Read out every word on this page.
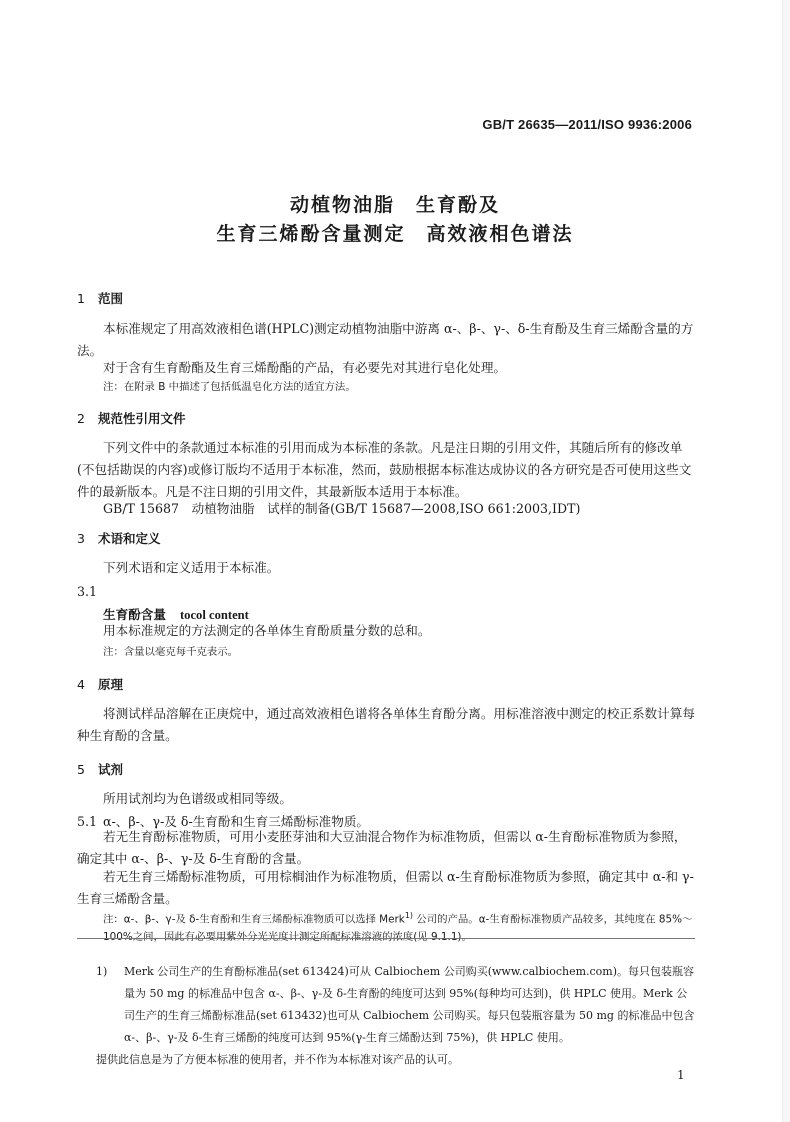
GB/T 26635—2011/ISO 9936:2006
动植物油脂　生育酚及
生育三烯酚含量测定　高效液相色谱法
1 范围
本标准规定了用高效液相色谱(HPLC)测定动植物油脂中游离 α-、β-、γ-、δ-生育酚及生育三烯酚含量的方法。
对于含有生育酚酯及生育三烯酚酯的产品，有必要先对其进行皂化处理。
注：在附录 B 中描述了包括低温皂化方法的适宜方法。
2 规范性引用文件
下列文件中的条款通过本标准的引用而成为本标准的条款。凡是注日期的引用文件，其随后所有的修改单(不包括勘误的内容)或修订版均不适用于本标准，然而，鼓励根据本标准达成协议的各方研究是否可使用这些文件的最新版本。凡是不注日期的引用文件，其最新版本适用于本标准。
GB/T 15687　动植物油脂　试样的制备(GB/T 15687—2008,ISO 661:2003,IDT)
3 术语和定义
下列术语和定义适用于本标准。
3.1
生育酚含量 tocol content
用本标准规定的方法测定的各单体生育酚质量分数的总和。
注：含量以毫克每千克表示。
4 原理
将测试样品溶解在正庚烷中，通过高效液相色谱将各单体生育酚分离。用标准溶液中测定的校正系数计算每种生育酚的含量。
5 试剂
所用试剂均为色谱级或相同等级。
5.1 α-、β-、γ-及 δ-生育酚和生育三烯酚标准物质。
若无生育酚标准物质，可用小麦胚芽油和大豆油混合物作为标准物质，但需以 α-生育酚标准物质为参照，确定其中 α-、β-、γ-及 δ-生育酚的含量。
若无生育三烯酚标准物质，可用棕榈油作为标准物质，但需以 α-生育酚标准物质为参照，确定其中 α-和 γ-生育三烯酚含量。
注：α-、β-、γ-及 δ-生育酚和生育三烯酚标准物质可以选择 Merk$^{1)}$ 公司的产品。α-生育酚标准物质产品较多，其纯度在 85%～
1) Merk 公司生产的生育酚标准品(set 613424)可从 Calbiochem 公司购买(www.calbiochem.com)。每只包装瓶容量为 50 mg 的标准品中包含 α-、β-、γ-及 δ-生育酚的纯度可达到 95%(每种均可达到)，供 HPLC 使用。Merk 公司生产的生育三烯酚标准品(set 613432)也可从 Calbiochem 公司购买。每只包装瓶容量为 50 mg 的标准品中包含 α-、β-、γ-及 δ-生育三烯酚的纯度可达到 95%(γ-生育三烯酚达到 75%)，供 HPLC 使用。
提供此信息是为了方便本标准的使用者，并不作为本标准对该产品的认可。
1
